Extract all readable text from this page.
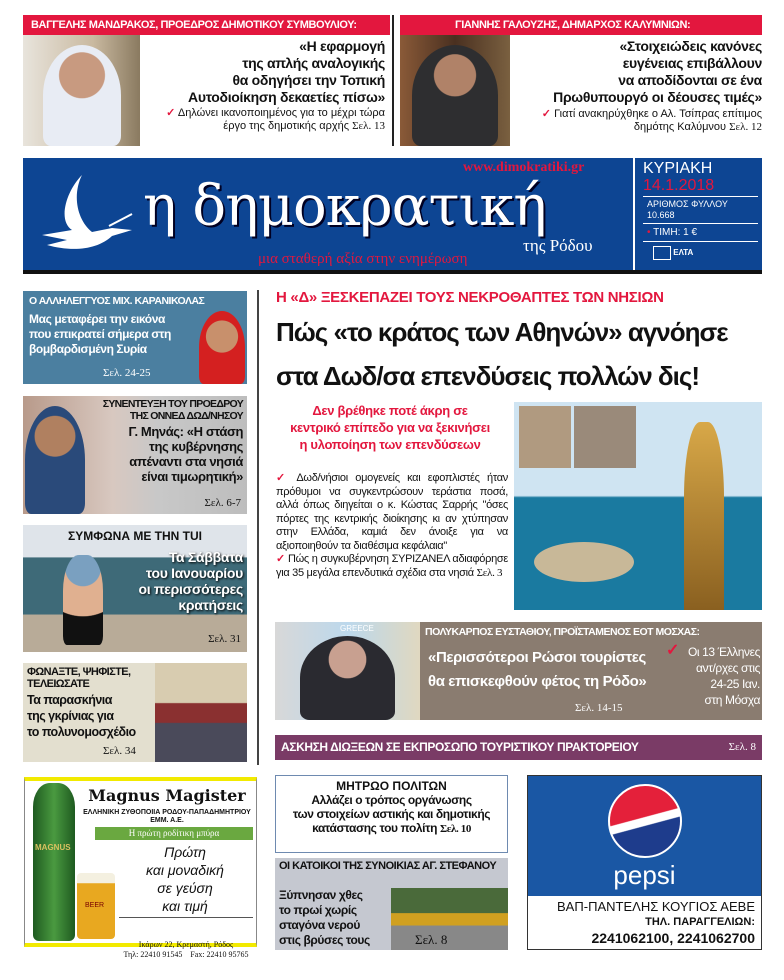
ΒΑΓΓΕΛΗΣ ΜΑΝΔΡΑΚΟΣ, ΠΡΟΕΔΡΟΣ ΔΗΜΟΤΙΚΟΥ ΣΥΜΒΟΥΛΙΟΥ:
«Η εφαρμογή
της απλής αναλογικής
θα οδηγήσει την Τοπική
Αυτοδιοίκηση δεκαετίες πίσω»
✓ Δηλώνει ικανοποιημένος για το μέχρι τώρα έργο της δημοτικής αρχής Σελ. 13
ΓΙΑΝΝΗΣ ΓΑΛΟΥΖΗΣ, ΔΗΜΑΡΧΟΣ ΚΑΛΥΜΝΙΩΝ:
«Στοιχειώδεις κανόνες
ευγένειας επιβάλλουν
να αποδίδονται σε ένα
Πρωθυπουργό οι δέουσες τιμές»
✓ Γιατί ανακηρύχθηκε ο Αλ. Τσίπρας επίτιμος δημότης Καλύμνου Σελ. 12
η δημοκρατική
www.dimokratiki.gr
της Ρόδου
μια σταθερή αξία στην ενημέρωση
ΚΥΡΙΑΚΗ
14.1.2018
ΑΡΙΘΜΟΣ ΦΥΛΛΟΥ
10.668
• ΤΙΜΗ: 1 €
ΕΛΤΑ
Ο ΑΛΛΗΛΕΓΓΥΟΣ ΜΙΧ. ΚΑΡΑΝΙΚΟΛΑΣ
Μας μεταφέρει την εικόνα
που επικρατεί σήμερα στη
βομβαρδισμένη Συρία
Σελ. 24-25
ΣΥΝΕΝΤΕΥΞΗ ΤΟΥ ΠΡΟΕΔΡΟΥ
ΤΗΣ ΟΝΝΕΔ ΔΩΔ/ΝΗΣΟΥ
Γ. Μηνάς: «Η στάση
της κυβέρνησης
απέναντι στα νησιά
είναι τιμωρητική»
Σελ. 6-7
ΣΥΜΦΩΝΑ ΜΕ ΤΗΝ TUI
Τα Σάββατα
του Ιανουαρίου
οι περισσότερες
κρατήσεις
Σελ. 31
ΦΩΝΑΞΤΕ, ΨΗΦΙΣΤΕ,
ΤΕΛΕΙΩΣΑΤΕ
Τα παρασκήνια
της γκρίνιας για
το πολυνομοσχέδιο
Σελ. 34
Η «Δ» ΞΕΣΚΕΠΑΖΕΙ ΤΟΥΣ ΝΕΚΡΟΘΑΠΤΕΣ ΤΩΝ ΝΗΣΙΩΝ
Πώς «το κράτος των Αθηνών» αγνόησε
στα Δωδ/σα επενδύσεις πολλών δις!
Δεν βρέθηκε ποτέ άκρη σε
κεντρικό επίπεδο για να ξεκινήσει
η υλοποίηση των επενδύσεων
✓ Δωδ/νήσιοι ομογενείς και εφοπλιστές ήταν πρόθυμοι να συγκεντρώσουν τεράστια ποσά, αλλά όπως διηγείται ο κ. Κώστας Σαρρής "όσες πόρτες της κεντρικής διοίκησης κι αν χτύπησαν στην Ελλάδα, καμιά δεν άνοιξε για να αξιοποιηθούν τα διαθέσιμα κεφάλαια"
✓ Πώς η συγκυβέρνηση ΣΥΡΙΖΑΝΕΛ αδιαφόρησε για 35 μεγάλα επενδυτικά σχέδια στα νησιά Σελ. 3
GREECE	ΠΟΛΥΚΑΡΠΟΣ ΕΥΣΤΑΘΙΟΥ, ΠΡΟΪΣΤΑΜΕΝΟΣ ΕΟΤ ΜΟΣΧΑΣ:
«Περισσότεροι Ρώσοι τουρίστες
θα επισκεφθούν φέτος τη Ρόδο»
✓ Οι 13 Έλληνες
αντ/ρχες στις
24-25 Ιαν.
στη Μόσχα
Σελ. 14-15
ΑΣΚΗΣΗ ΔΙΩΞΕΩΝ ΣΕ ΕΚΠΡΟΣΩΠΟ ΤΟΥΡΙΣΤΙΚΟΥ ΠΡΑΚΤΟΡΕΙΟΥ	Σελ. 8
ΜΗΤΡΩΟ ΠΟΛΙΤΩΝ
Αλλάζει ο τρόπος οργάνωσης
των στοιχείων αστικής και δημοτικής
κατάστασης του πολίτη Σελ. 10
ΟΙ ΚΑΤΟΙΚΟΙ ΤΗΣ ΣΥΝΟΙΚΙΑΣ ΑΓ. ΣΤΕΦΑΝΟΥ
Ξύπνησαν χθες
το πρωί χωρίς
σταγόνα νερού
στις βρύσες τους	Σελ. 8
MAGNUS
BEER
Magnus Magister
ΕΛΛΗΝΙΚΗ ΖΥΘΟΠΟΙΙΑ ΡΟΔΟΥ-ΠΑΠΑΔΗΜΗΤΡΙΟΥ ΕΜΜ. Α.Ε.
Η πρώτη ροδίτικη μπύρα
Πρώτη
και μοναδική
σε γεύση
και τιμή

Ικάρων 22, Κρεμαστή, Ρόδος
Τηλ: 22410 91545    Fax: 22410 95765

pepsi
ΒΑΠ-ΠΑΝΤΕΛΗΣ ΚΟΥΓΙΟΣ ΑΕΒΕ
ΤΗΛ. ΠΑΡΑΓΓΕΛΙΩΝ:
2241062100, 2241062700
